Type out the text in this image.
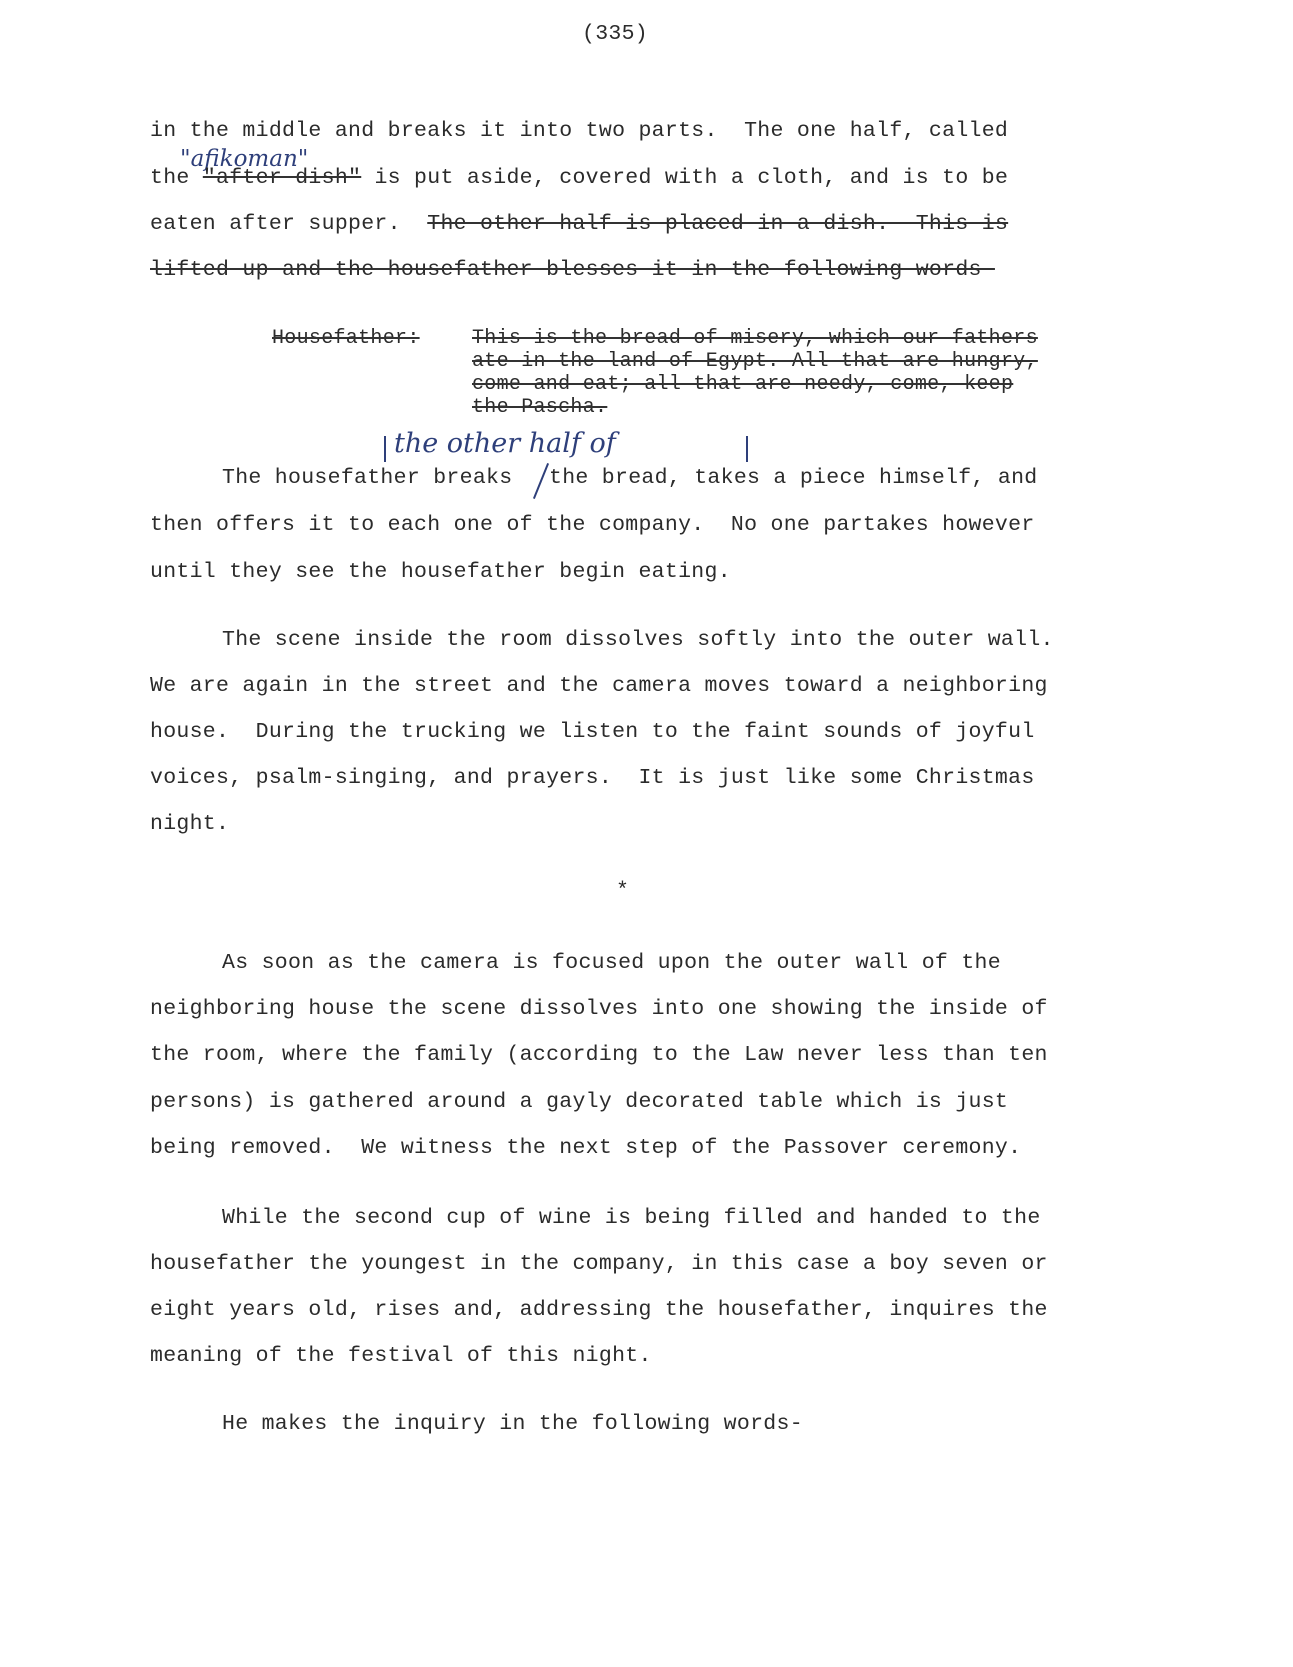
(335)
"afikoman"
in the middle and breaks it into two parts.  The one half, called
the "after dish" is put aside, covered with a cloth, and is to be
eaten after supper.  The other half is placed in a dish.  This is
lifted up and the housefather blesses it in the following words-
Housefather:	This is the bread of misery, which our fathers
ate in the land of Egypt. All that are hungry,
come and eat; all that are needy, come, keep
the Pascha.
the other half of
The housefather breaks the bread, takes a piece himself, and
then offers it to each one of the company.  No one partakes however
until they see the housefather begin eating.
The scene inside the room dissolves softly into the outer wall.
We are again in the street and the camera moves toward a neighboring
house.  During the trucking we listen to the faint sounds of joyful
voices, psalm-singing, and prayers.  It is just like some Christmas
night.
*
As soon as the camera is focused upon the outer wall of the
neighboring house the scene dissolves into one showing the inside of
the room, where the family (according to the Law never less than ten
persons) is gathered around a gayly decorated table which is just
being removed.  We witness the next step of the Passover ceremony.
While the second cup of wine is being filled and handed to the
housefather the youngest in the company, in this case a boy seven or
eight years old, rises and, addressing the housefather, inquires the
meaning of the festival of this night.
He makes the inquiry in the following words-
